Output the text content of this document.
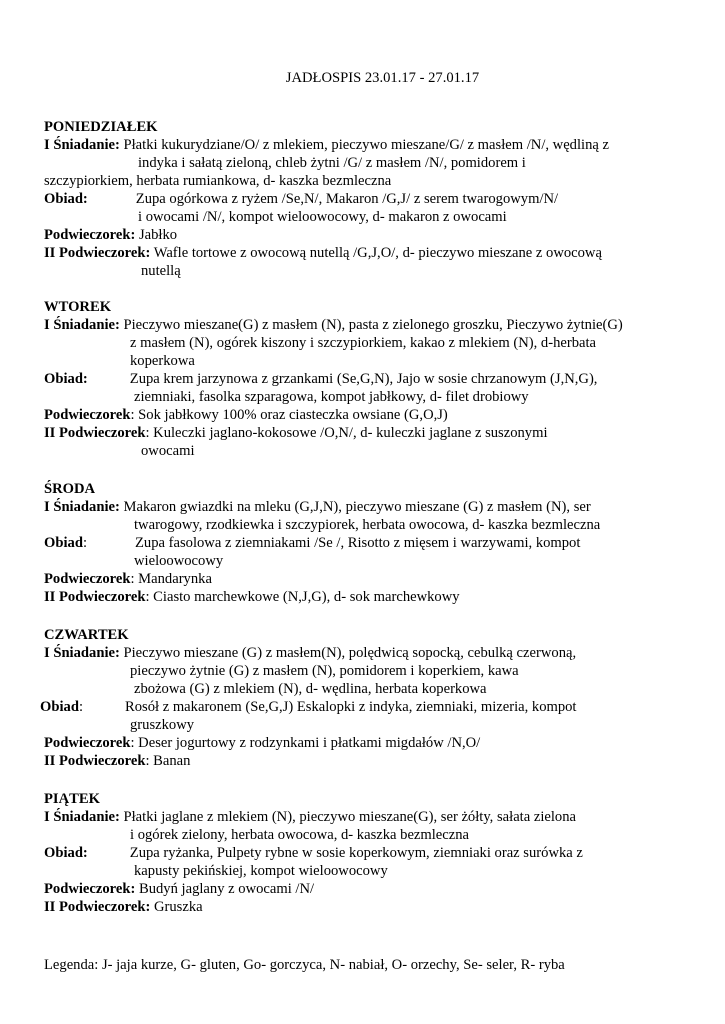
JADŁOSPIS 23.01.17 - 27.01.17
PONIEDZIAŁEK
I Śniadanie: Płatki kukurydziane/O/ z mlekiem, pieczywo mieszane/G/ z masłem /N/, wędliną z
indyka i sałatą zieloną, chleb żytni /G/ z masłem /N/, pomidorem i
szczypiorkiem, herbata rumiankowa, d- kaszka bezmleczna
Obiad:	Zupa ogórkowa z ryżem /Se,N/, Makaron /G,J/ z serem twarogowym/N/
i owocami /N/, kompot wieloowocowy, d- makaron z owocami
Podwieczorek: Jabłko
II Podwieczorek: Wafle tortowe z owocową nutellą /G,J,O/, d- pieczywo mieszane z owocową
nutellą
WTOREK
I Śniadanie: Pieczywo mieszane(G) z masłem (N), pasta z zielonego groszku, Pieczywo żytnie(G)
z masłem (N), ogórek kiszony i szczypiorkiem, kakao z mlekiem (N), d-herbata
koperkowa
Obiad:	Zupa krem jarzynowa z grzankami (Se,G,N), Jajo w sosie chrzanowym (J,N,G),
ziemniaki, fasolka szparagowa, kompot jabłkowy, d- filet drobiowy
Podwieczorek: Sok jabłkowy 100% oraz ciasteczka owsiane (G,O,J)
II Podwieczorek: Kuleczki jaglano-kokosowe /O,N/, d- kuleczki jaglane z suszonymi
owocami
ŚRODA
I Śniadanie: Makaron gwiazdki na mleku (G,J,N), pieczywo mieszane (G) z masłem (N), ser
twarogowy, rzodkiewka i szczypiorek, herbata owocowa, d- kaszka bezmleczna
Obiad:	Zupa fasolowa z ziemniakami /Se /, Risotto z mięsem i warzywami, kompot
wieloowocowy
Podwieczorek: Mandarynka
II Podwieczorek: Ciasto marchewkowe (N,J,G), d- sok marchewkowy
CZWARTEK
I Śniadanie: Pieczywo mieszane (G) z masłem(N), polędwicą sopocką, cebulką czerwoną,
pieczywo żytnie (G) z masłem (N), pomidorem i koperkiem, kawa
zbożowa (G) z mlekiem (N), d- wędlina, herbata koperkowa
Obiad:	Rosół z makaronem (Se,G,J) Eskalopki z indyka, ziemniaki, mizeria, kompot
gruszkowy
Podwieczorek: Deser jogurtowy z rodzynkami i płatkami migdałów /N,O/
II Podwieczorek: Banan
PIĄTEK
I Śniadanie: Płatki jaglane z mlekiem (N), pieczywo mieszane(G), ser żółty, sałata zielona
i ogórek zielony, herbata owocowa, d- kaszka bezmleczna
Obiad:	Zupa ryżanka, Pulpety rybne w sosie koperkowym, ziemniaki oraz surówka z
kapusty pekińskiej, kompot wieloowocowy
Podwieczorek: Budyń jaglany z owocami /N/
II Podwieczorek: Gruszka
Legenda: J- jaja kurze, G- gluten, Go- gorczyca, N- nabiał, O- orzechy, Se- seler, R- ryba
